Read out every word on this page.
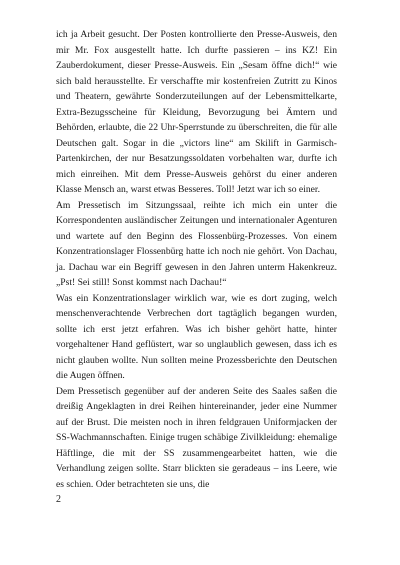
ich ja Arbeit gesucht. Der Posten kontrollierte den Presse-Ausweis, den mir Mr. Fox ausgestellt hatte. Ich durfte passieren – ins KZ! Ein Zauberdokument, dieser Presse-Ausweis. Ein „Sesam öffne dich!“ wie sich bald herausstellte. Er verschaffte mir kostenfreien Zutritt zu Kinos und Theatern, gewährte Sonderzuteilungen auf der Lebensmittelkarte, Extra-Bezugsscheine für Kleidung, Bevorzugung bei Ämtern und Behörden, erlaubte, die 22 Uhr-Sperrstunde zu überschreiten, die für alle Deutschen galt. Sogar in die „victors line“ am Skilift in Garmisch-Partenkirchen, der nur Besatzungssoldaten vorbehalten war, durfte ich mich einreihen. Mit dem Presse-Ausweis gehörst du einer anderen Klasse Mensch an, warst etwas Besseres. Toll! Jetzt war ich so einer.

Am Pressetisch im Sitzungssaal, reihte ich mich ein unter die Korrespondenten ausländischer Zeitungen und internationaler Agenturen und wartete auf den Beginn des Flossenbürg-Prozesses. Von einem Konzentrationslager Flossenbürg hatte ich noch nie gehört. Von Dachau, ja. Dachau war ein Begriff gewesen in den Jahren unterm Hakenkreuz. „Pst! Sei still! Sonst kommst nach Dachau!“

Was ein Konzentrationslager wirklich war, wie es dort zuging, welch menschenverachtende Verbrechen dort tagtäglich begangen wurden, sollte ich erst jetzt erfahren. Was ich bisher gehört hatte, hinter vorgehaltener Hand geflüstert, war so unglaublich gewesen, dass ich es nicht glauben wollte. Nun sollten meine Prozessberichte den Deutschen die Augen öffnen.

Dem Pressetisch gegenüber auf der anderen Seite des Saales saßen die dreißig Angeklagten in drei Reihen hintereinander, jeder eine Nummer auf der Brust. Die meisten noch in ihren feldgrauen Uniformjacken der SS-Wachmannschaften. Einige trugen schäbige Zivilkleidung: ehemalige Häftlinge, die mit der SS zusammengearbeitet hatten, wie die Verhandlung zeigen sollte. Starr blickten sie geradeaus – ins Leere, wie es schien. Oder betrachteten sie uns, die

2
